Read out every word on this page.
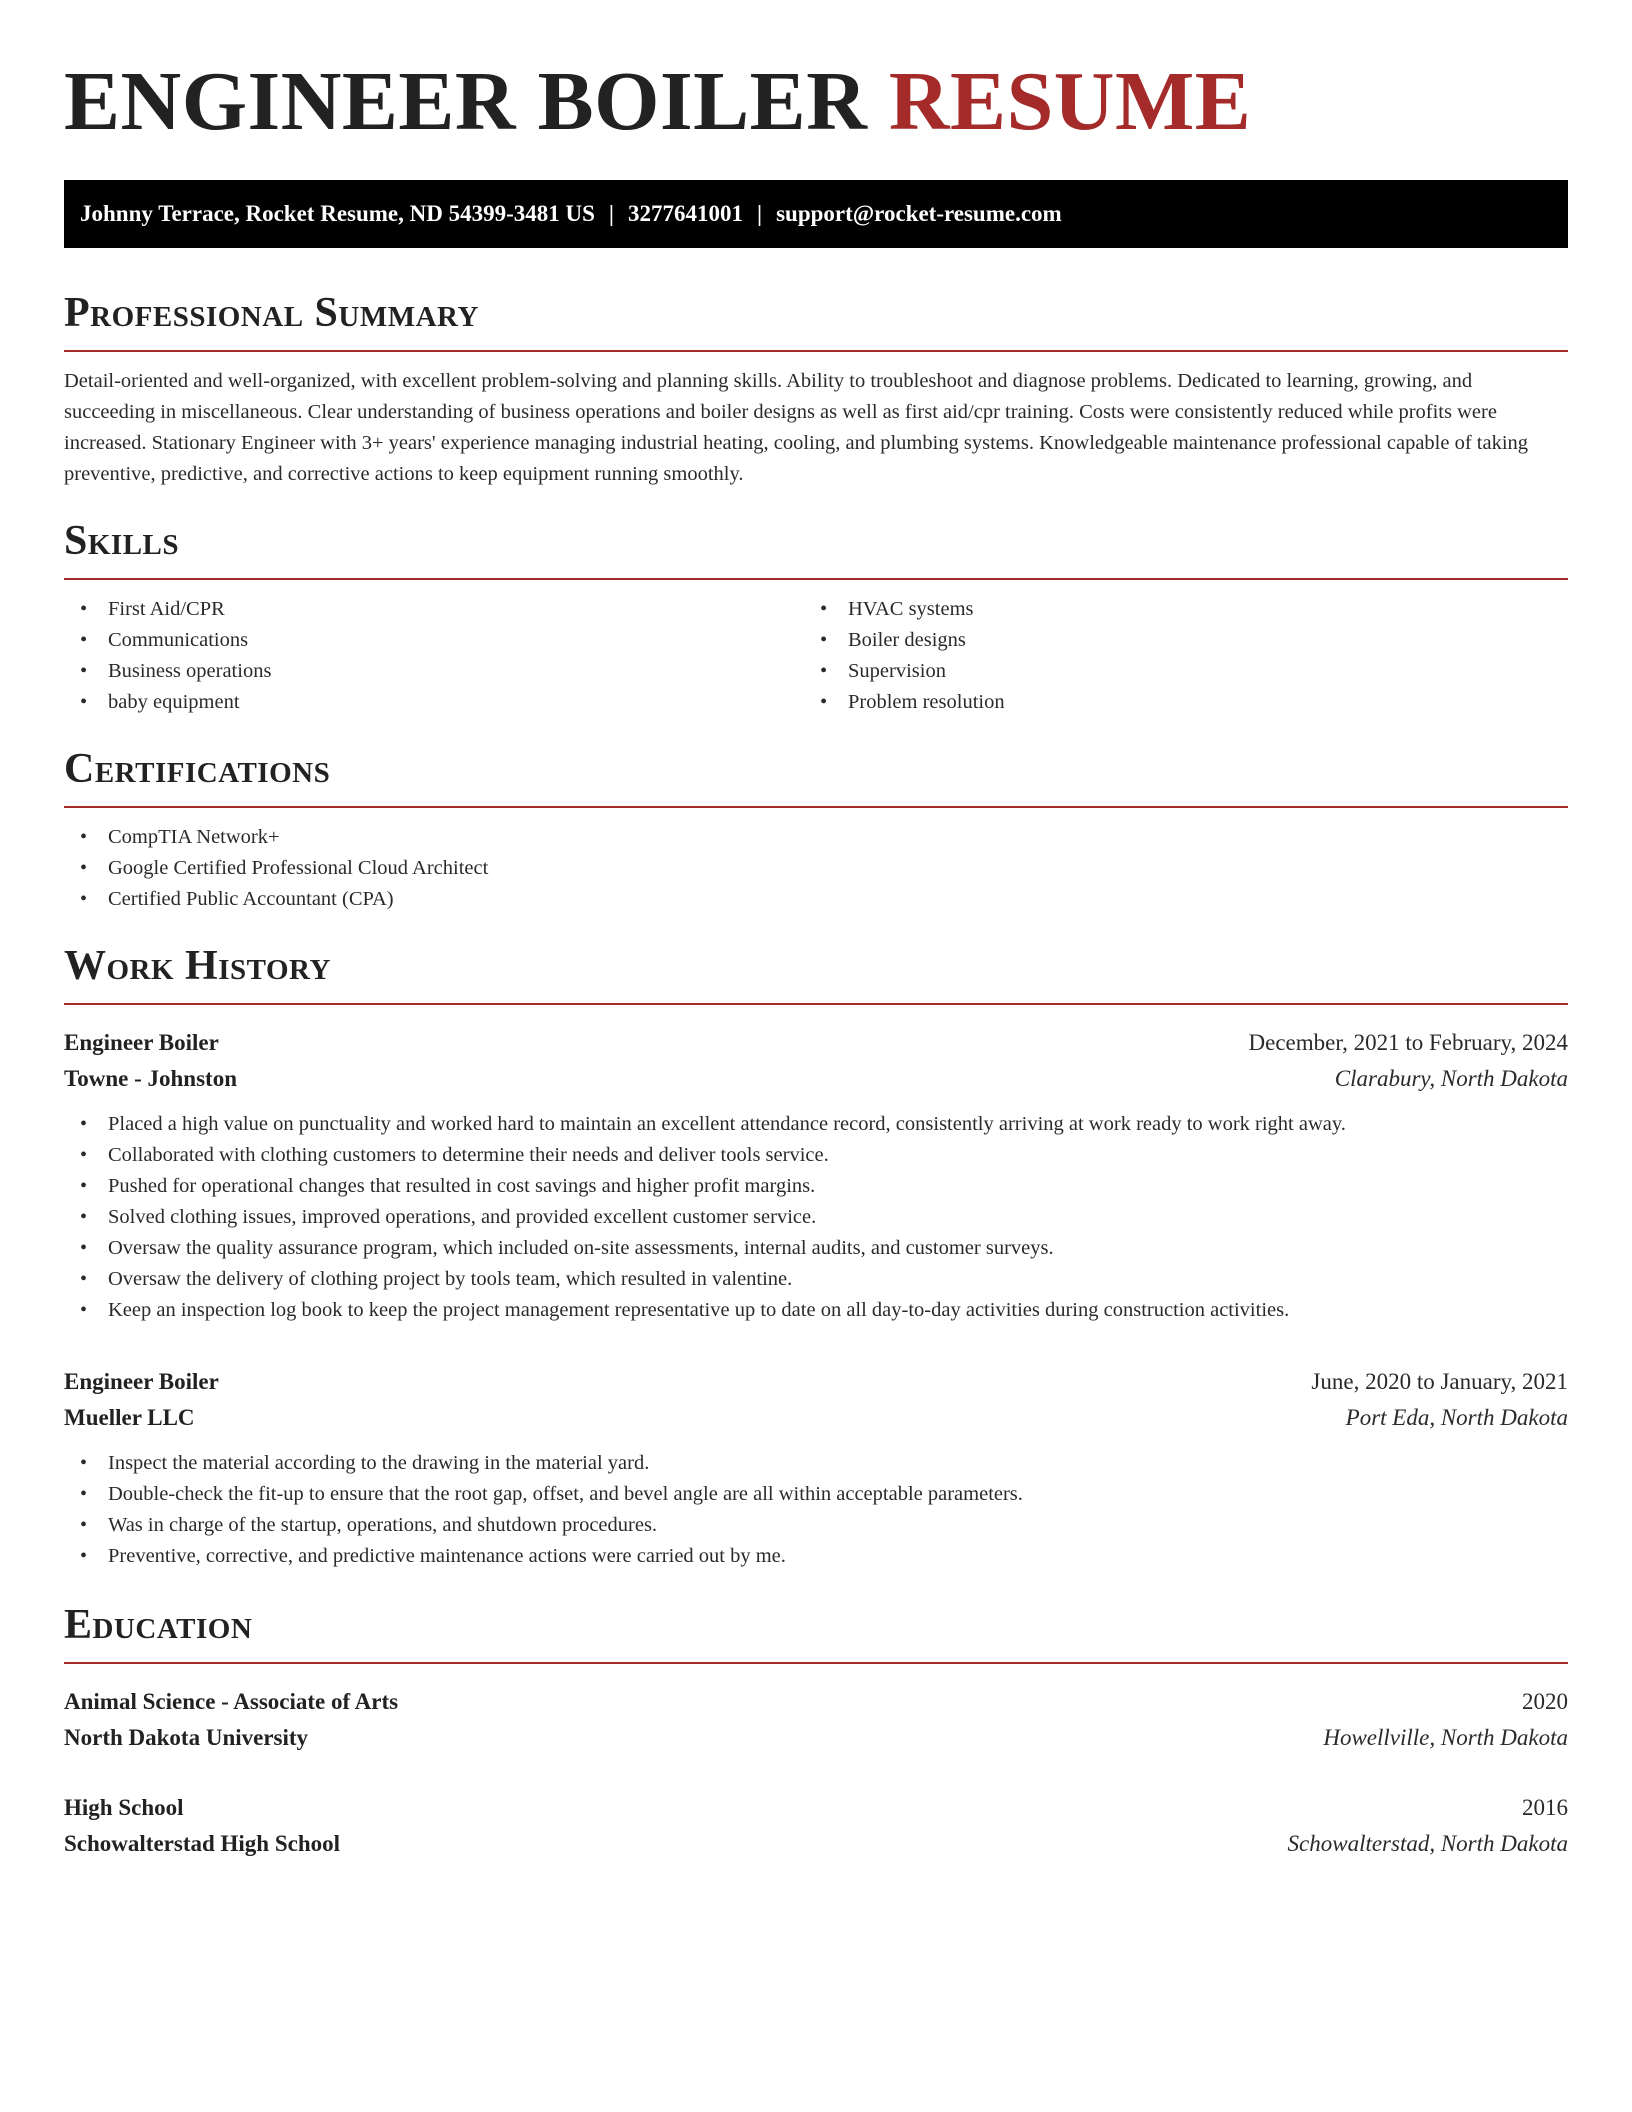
ENGINEER BOILER RESUME
Johnny Terrace, Rocket Resume, ND 54399-3481 US | 3277641001 | support@rocket-resume.com
Professional Summary

Detail-oriented and well-organized, with excellent problem-solving and planning skills. Ability to troubleshoot and diagnose problems. Dedicated to learning, growing, and succeeding in miscellaneous. Clear understanding of business operations and boiler designs as well as first aid/cpr training. Costs were consistently reduced while profits were increased. Stationary Engineer with 3+ years' experience managing industrial heating, cooling, and plumbing systems. Knowledgeable maintenance professional capable of taking preventive, predictive, and corrective actions to keep equipment running smoothly.

Skills
• First Aid/CPR
• Communications
• Business operations
• baby equipment
• HVAC systems
• Boiler designs
• Supervision
• Problem resolution
Certifications
• CompTIA Network+
• Google Certified Professional Cloud Architect
• Certified Public Accountant (CPA)
Work History
Engineer Boiler	December, 2021 to February, 2024
Towne - Johnston	Clarabury, North Dakota
• Placed a high value on punctuality and worked hard to maintain an excellent attendance record, consistently arriving at work ready to work right away.
• Collaborated with clothing customers to determine their needs and deliver tools service.
• Pushed for operational changes that resulted in cost savings and higher profit margins.
• Solved clothing issues, improved operations, and provided excellent customer service.
• Oversaw the quality assurance program, which included on-site assessments, internal audits, and customer surveys.
• Oversaw the delivery of clothing project by tools team, which resulted in valentine.
• Keep an inspection log book to keep the project management representative up to date on all day-to-day activities during construction activities.
Engineer Boiler	June, 2020 to January, 2021
Mueller LLC	Port Eda, North Dakota
• Inspect the material according to the drawing in the material yard.
• Double-check the fit-up to ensure that the root gap, offset, and bevel angle are all within acceptable parameters.
• Was in charge of the startup, operations, and shutdown procedures.
• Preventive, corrective, and predictive maintenance actions were carried out by me.
Education
Animal Science - Associate of Arts	2020
North Dakota University	Howellville, North Dakota
High School	2016
Schowalterstad High School	Schowalterstad, North Dakota
